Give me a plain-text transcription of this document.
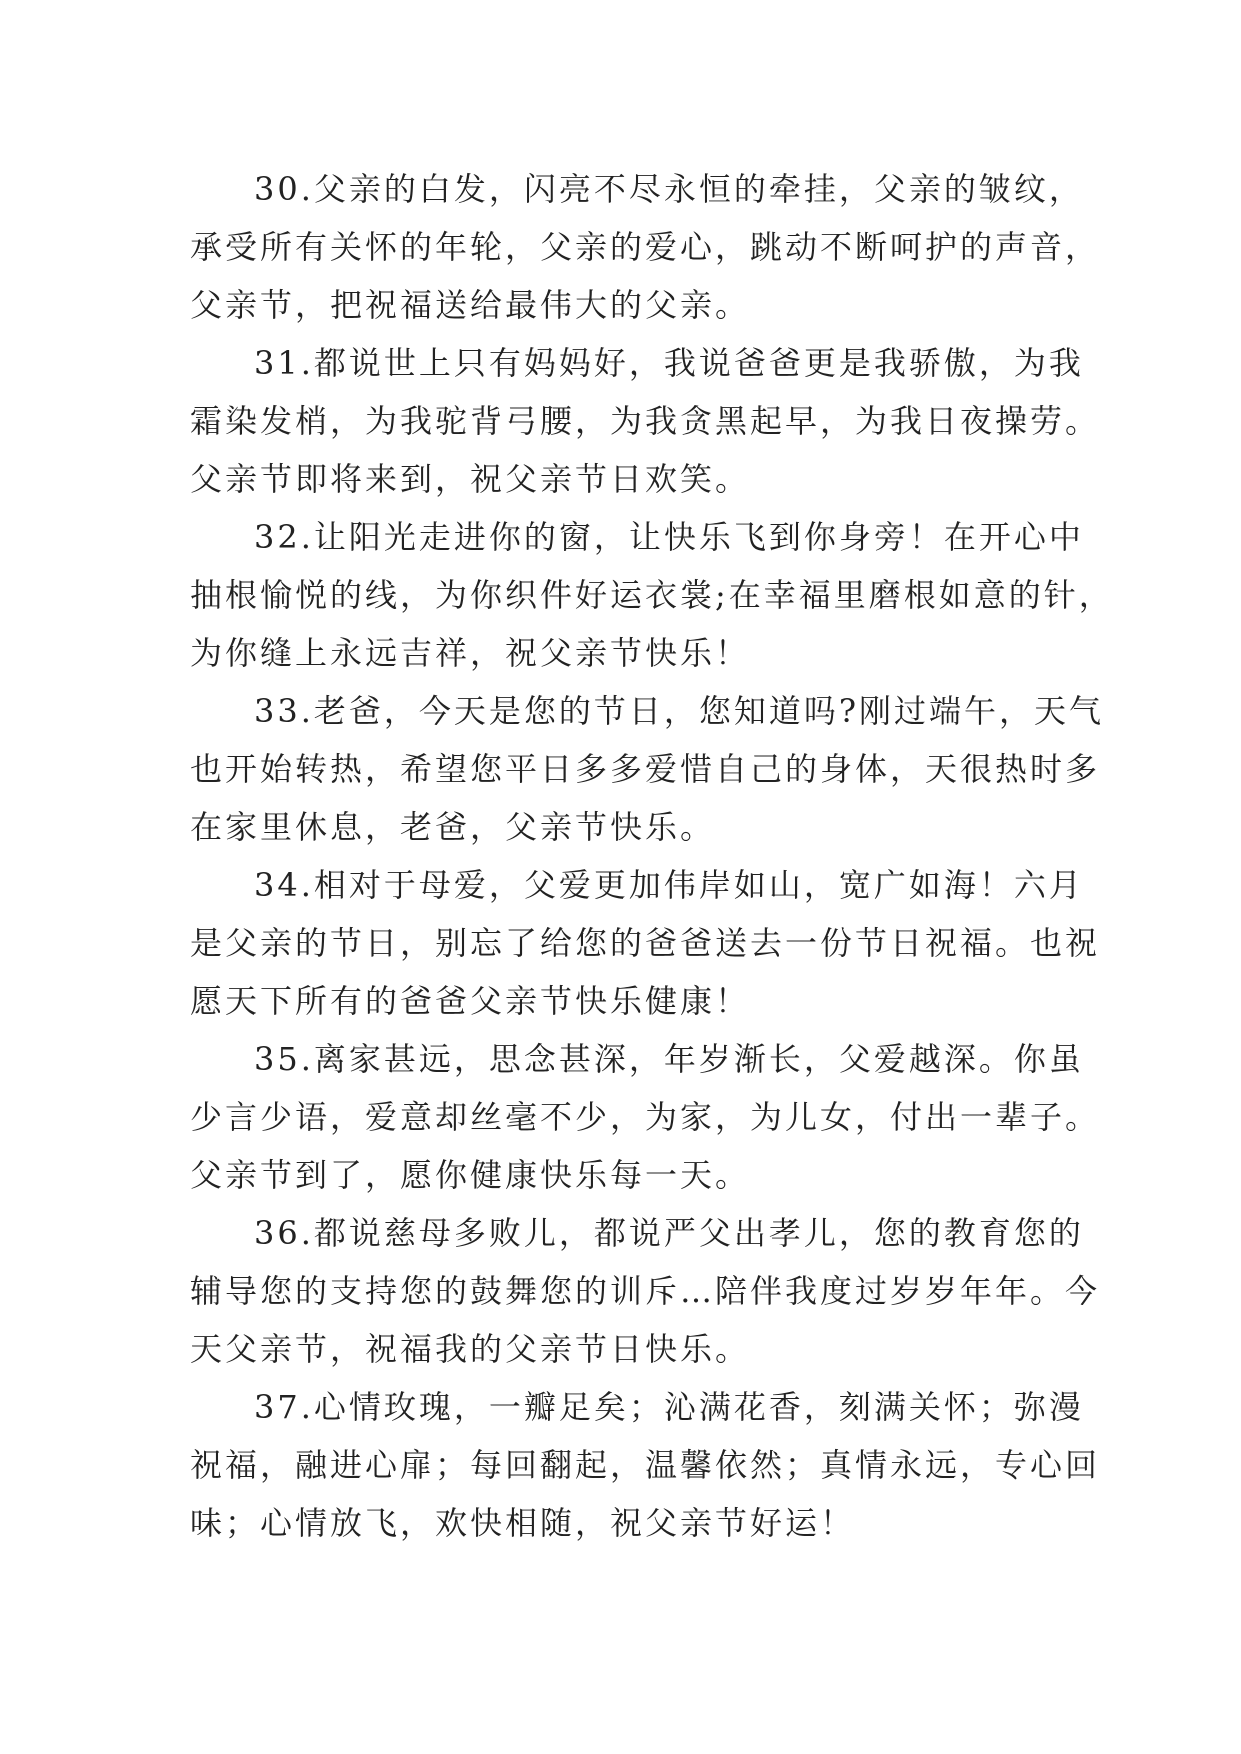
30.父亲的白发，闪亮不尽永恒的牵挂，父亲的皱纹，
承受所有关怀的年轮，父亲的爱心，跳动不断呵护的声音，
父亲节，把祝福送给最伟大的父亲。
31.都说世上只有妈妈好，我说爸爸更是我骄傲，为我
霜染发梢，为我驼背弓腰，为我贪黑起早，为我日夜操劳。
父亲节即将来到，祝父亲节日欢笑。
32.让阳光走进你的窗，让快乐飞到你身旁！在开心中
抽根愉悦的线，为你织件好运衣裳;在幸福里磨根如意的针，
为你缝上永远吉祥，祝父亲节快乐！
33.老爸，今天是您的节日，您知道吗?刚过端午，天气
也开始转热，希望您平日多多爱惜自己的身体，天很热时多
在家里休息，老爸，父亲节快乐。
34.相对于母爱，父爱更加伟岸如山，宽广如海！六月
是父亲的节日，别忘了给您的爸爸送去一份节日祝福。也祝
愿天下所有的爸爸父亲节快乐健康！
35.离家甚远，思念甚深，年岁渐长，父爱越深。你虽
少言少语，爱意却丝毫不少，为家，为儿女，付出一辈子。
父亲节到了，愿你健康快乐每一天。
36.都说慈母多败儿，都说严父出孝儿，您的教育您的
辅导您的支持您的鼓舞您的训斥…陪伴我度过岁岁年年。今
天父亲节，祝福我的父亲节日快乐。
37.心情玫瑰，一瓣足矣；沁满花香，刻满关怀；弥漫
祝福，融进心扉；每回翻起，温馨依然；真情永远，专心回
味；心情放飞，欢快相随，祝父亲节好运！
